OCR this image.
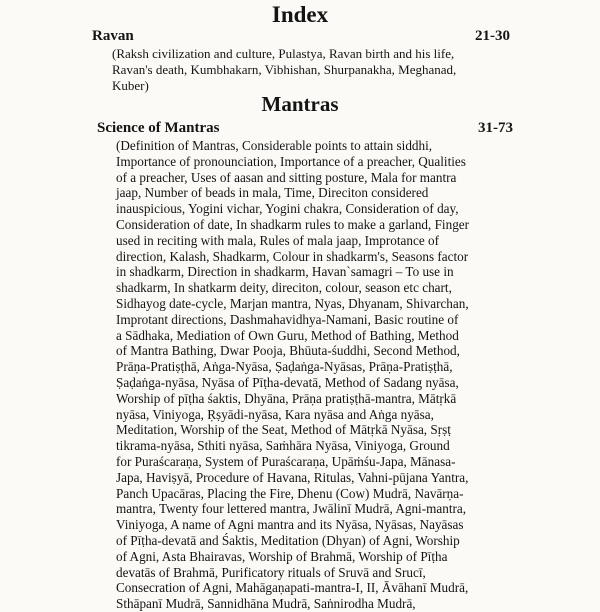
Index
Ravan	21-30
(Raksh civilization and culture, Pulastya, Ravan birth and his life,
Ravan's death, Kumbhakarn, Vibhishan, Shurpanakha, Meghanad,
Kuber)
Mantras
Science of Mantras	31-73
(Definition of Mantras, Considerable points to attain siddhi,
Importance of pronounciation, Importance of a preacher, Qualities
of a preacher, Uses of aasan and sitting posture, Mala for mantra
jaap, Number of beads in mala, Time, Direciton considered
inauspicious, Yogini vichar, Yogini chakra, Consideration of day,
Consideration of date, In shadkarm rules to make a garland, Finger
used in reciting with mala, Rules of mala jaap, Improtance of
direction, Kalash, Shadkarm, Colour in shadkarm's, Seasons factor
in shadkarm, Direction in shadkarm, Havan`samagri – To use in
shadkarm, In shatkarm deity, direciton, colour, season etc chart,
Sidhayog date-cycle, Marjan mantra, Nyas, Dhyanam, Shivarchan,
Improtant directions, Dashmahavidhya-Namani, Basic routine of
a Sādhaka, Mediation of Own Guru, Method of Bathing, Method
of Mantra Bathing, Dwar Pooja, Bhūuta-śuddhi, Second Method,
Prāṇa-Pratiṣṭhā, Aṅga-Nyāsa, Ṣaḍaṅga-Nyāsas, Prāṇa-Pratiṣṭhā,
Ṣaḍaṅga-nyāsa, Nyāsa of Pīṭha-devatā, Method of Sadang nyāsa,
Worship of pīṭha śaktis, Dhyāna, Prāṇa pratiṣṭhā-mantra, Mātṛkā
nyāsa, Viniyoga, Ṛṣyādi-nyāsa, Kara nyāsa and Aṅga nyāsa,
Meditation, Worship of the Seat, Method of Mātṛkā Nyāsa, Sṛṣṭ
tikrama-nyāsa, Sthiti nyāsa, Saṁhāra Nyāsa, Viniyoga, Ground
for Puraścaraṇa, System of Puraścaraṇa, Upāṁśu-Japa, Mānasa-
Japa, Haviṣyā, Procedure of Havana, Ritulas, Vahni-pūjana Yantra,
Panch Upacāras, Placing the Fire, Dhenu (Cow) Mudrā, Navārṇa-
mantra, Twenty four lettered mantra, Jwālinī Mudrā, Agni-mantra,
Viniyoga, A name of Agni mantra and its Nyāsa, Nyāsas, Nayāsas
of Pīṭha-devatā and Śaktis, Meditation (Dhyan) of Agni, Worship
of Agni, Asta Bhairavas, Worship of Brahmā, Worship of Pīṭha
devatās of Brahmā, Purificatory rituals of Sruvā and Srucī,
Consecration of Agni, Mahāgaṇapati-mantra-I, II, Āvāhanī Mudrā,
Sthāpanī Mudrā, Sannidhāna Mudrā, Saṅnirodha Mudrā,
